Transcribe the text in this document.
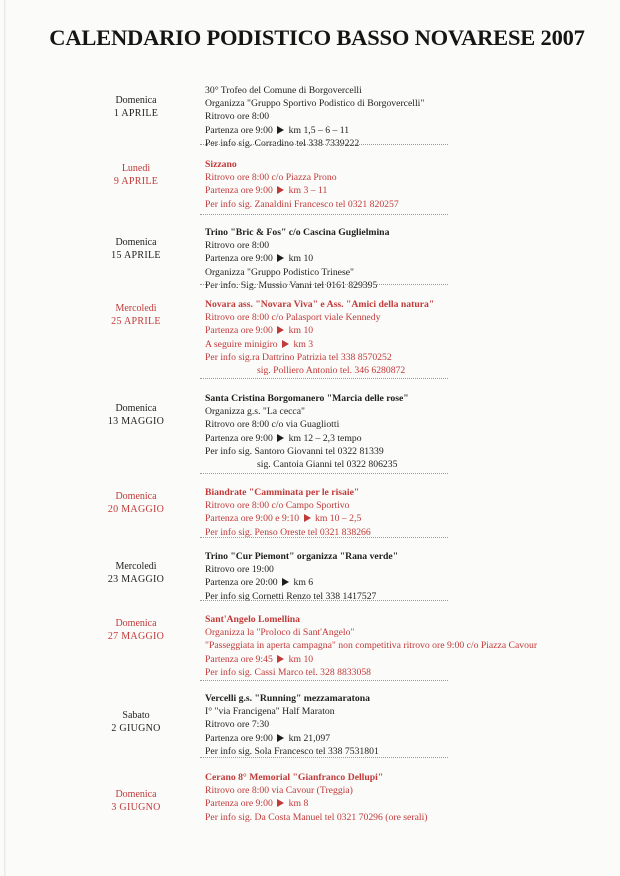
CALENDARIO PODISTICO BASSO NOVARESE 2007
Domenica
1 APRILE
30° Trofeo del Comune di Borgovercelli
Organizza "Gruppo Sportivo Podistico di Borgovercelli"
Ritrovo ore 8:00
Partenza ore 9:00 km 1,5 – 6 – 11
Per info sig. Corradino tel 338 7339222
Lunedì
9 APRILE
Sizzano
Ritrovo ore 8:00 c/o Piazza Prono
Partenza ore 9:00 km 3 – 11
Per info sig. Zanaldini Francesco tel 0321 820257
Domenica
15 APRILE
Trino "Bric & Fos" c/o Cascina Guglielmina
Ritrovo ore 8:00
Partenza ore 9:00 km 10
Organizza "Gruppo Podistico Trinese"
Per info. Sig. Mussio Vanni tel 0161 829395
Mercoledì
25 APRILE
Novara ass. "Novara Viva" e Ass. "Amici della natura"
Ritrovo ore 8:00 c/o Palasport viale Kennedy
Partenza ore 9:00 km 10
A seguire minigiro km 3
Per info sig.ra Dattrino Patrizia tel 338 8570252
sig. Polliero Antonio tel. 346 6280872
Domenica
13 MAGGIO
Santa Cristina Borgomanero "Marcia delle rose"
Organizza g.s. "La cecca"
Ritrovo ore 8:00 c/o via Guagliotti
Partenza ore 9:00 km 12 – 2,3 tempo
Per info sig. Santoro Giovanni tel 0322 81339
sig. Cantoia Gianni tel 0322 806235
Domenica
20 MAGGIO
Biandrate "Camminata per le risaie"
Ritrovo ore 8:00 c/o Campo Sportivo
Partenza ore 9:00 e 9:10 km 10 – 2,5
Per info sig. Penso Oreste tel 0321 838266
Mercoledì
23 MAGGIO
Trino "Cur Piemont" organizza "Rana verde"
Ritrovo ore 19:00
Partenza ore 20:00 km 6
Per info sig Cornetti Renzo tel 338 1417527
Domenica
27 MAGGIO
Sant'Angelo Lomellina
Organizza la "Proloco di Sant'Angelo"
"Passeggiata in aperta campagna" non competitiva ritrovo ore 9:00 c/o Piazza Cavour
Partenza ore 9:45 km 10
Per info sig. Cassi Marco tel. 328 8833058
Sabato
2 GIUGNO
Vercelli g.s. "Running" mezzamaratona
I° "via Francigena" Half Maraton
Ritrovo ore 7:30
Partenza ore 9:00 km 21,097
Per info sig. Sola Francesco tel 338 7531801
Domenica
3 GIUGNO
Cerano 8° Memorial "Gianfranco Dellupi"
Ritrovo ore 8:00 via Cavour (Treggia)
Partenza ore 9:00 km 8
Per info sig. Da Costa Manuel tel 0321 70296 (ore serali)
